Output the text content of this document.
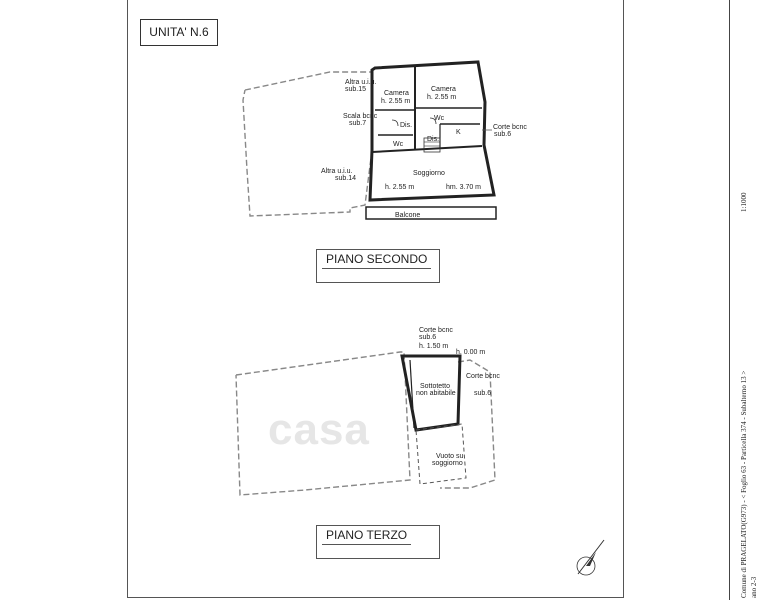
UNITA' N.6
casa
Altra u.i.u.
sub.15
Scala bcnc
sub.7
Altra u.i.u.
sub.14
Camera
h. 2.55 m
Camera
h. 2.55 m
Dis.
Wc
Wc
Dis.
K
Corte bcnc
sub.6
Soggiorno
h. 2.55 m	hm. 3.70 m
Balcone
PIANO SECONDO
Corte bcnc
sub.6
h. 1.50 m
h. 0.00 m
Sottotetto
non abitabile
Corte bcnc
sub.6
Vuoto su
soggiorno
PIANO TERZO
1:1000
Comune di PRAGELATO(G973) - < Foglio 63 - Particella 374 - Subalterno 13 > ano 2-3
